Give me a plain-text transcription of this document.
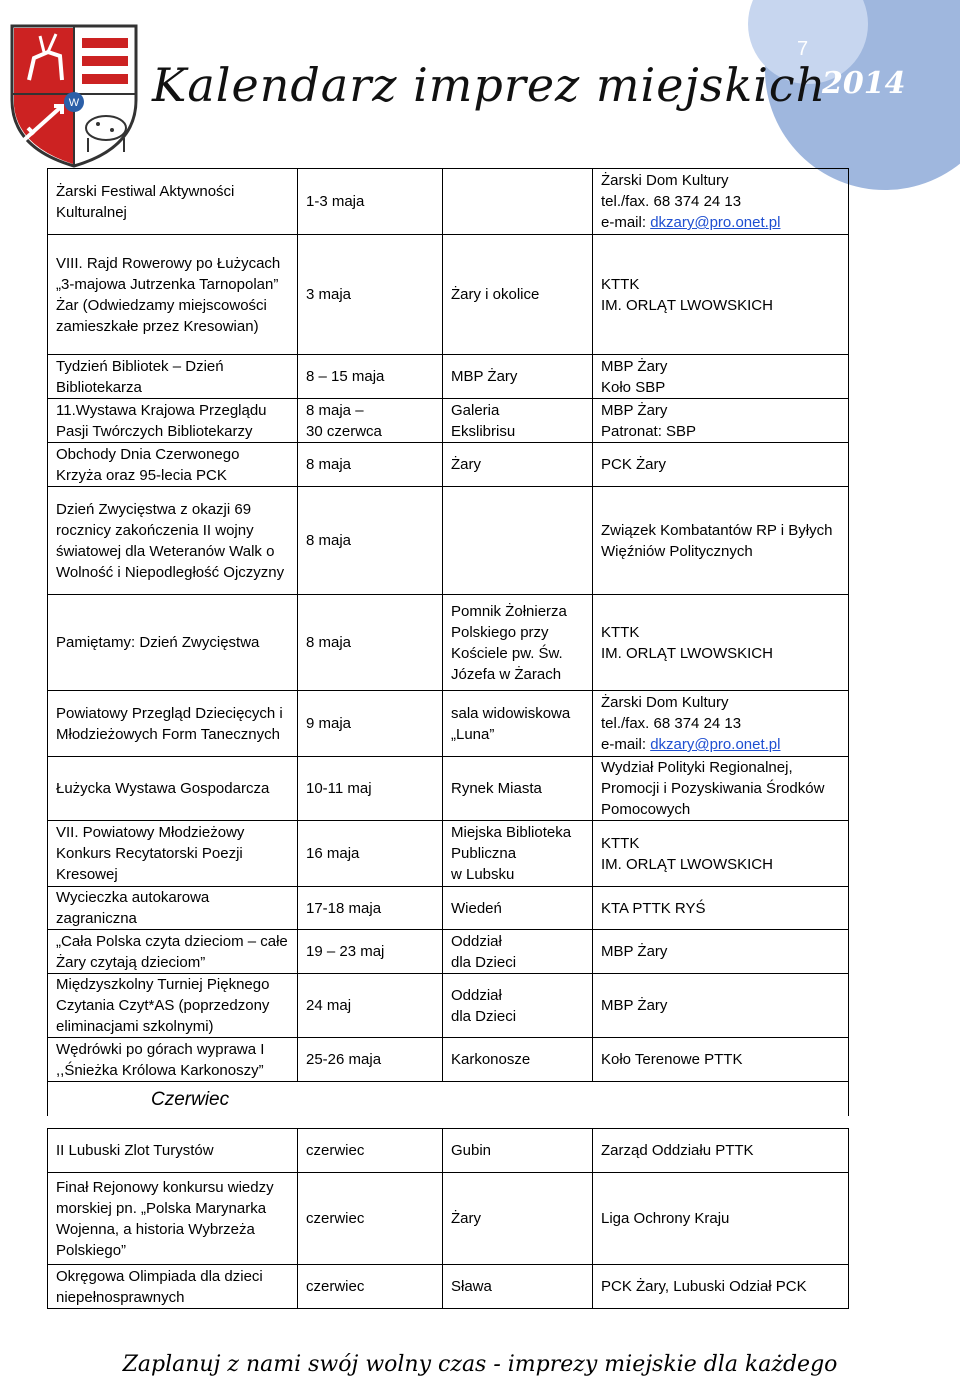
7
2014
W Kalendarz imprez miejskich
Żarski Festiwal Aktywności Kulturalnej	1-3 maja		Żarski Dom Kultury
tel./fax. 68 374 24 13
e-mail: dkzary@pro.onet.pl
VIII. Rajd Rowerowy po Łużycach „3-majowa Jutrzenka Tarnopolan” Żar (Odwiedzamy miejscowości zamieszkałe przez Kresowian)	3 maja	Żary i okolice	KTTK
IM. ORLĄT LWOWSKICH
Tydzień Bibliotek – Dzień Bibliotekarza	8 – 15 maja	MBP Żary	MBP Żary
Koło SBP
11.Wystawa Krajowa Przeglądu Pasji Twórczych Bibliotekarzy	8 maja –
30 czerwca	Galeria
Ekslibrisu	MBP Żary
Patronat: SBP
Obchody Dnia Czerwonego Krzyża oraz 95-lecia PCK	8 maja	Żary	PCK Żary
Dzień Zwycięstwa z okazji 69 rocznicy zakończenia II wojny światowej dla Weteranów Walk o Wolność i Niepodległość Ojczyzny	8 maja		Związek Kombatantów RP i Byłych Więźniów Politycznych
Pamiętamy: Dzień Zwycięstwa	8 maja	Pomnik Żołnierza Polskiego przy Kościele pw. Św. Józefa w Żarach	KTTK
IM. ORLĄT LWOWSKICH
Powiatowy Przegląd Dziecięcych i Młodzieżowych Form Tanecznych	9 maja	sala widowiskowa „Luna”	Żarski Dom Kultury
tel./fax. 68 374 24 13
e-mail: dkzary@pro.onet.pl
Łużycka Wystawa Gospodarcza	10-11 maj	Rynek Miasta	Wydział Polityki Regionalnej, Promocji i Pozyskiwania Środków Pomocowych
VII. Powiatowy Młodzieżowy Konkurs Recytatorski Poezji Kresowej	16 maja	Miejska Biblioteka Publiczna
w Lubsku	KTTK
IM. ORLĄT LWOWSKICH
Wycieczka autokarowa zagraniczna	17-18 maja	Wiedeń	KTA PTTK RYŚ
„Cała Polska czyta dzieciom – całe Żary czytają dzieciom”	19 – 23 maj	Oddział
dla Dzieci	MBP Żary
Międzyszkolny Turniej Pięknego Czytania Czyt*AS (poprzedzony eliminacjami szkolnymi)	24 maj	Oddział
dla Dzieci	MBP Żary
Wędrówki po górach wyprawa I ,,Śnieżka Królowa Karkonoszy”	25-26 maja	Karkonosze	Koło Terenowe PTTK
Czerwiec			
II Lubuski Zlot Turystów	czerwiec	Gubin	Zarząd Oddziału PTTK
Finał Rejonowy konkursu wiedzy morskiej pn. „Polska Marynarka Wojenna, a historia Wybrzeża Polskiego”	czerwiec	Żary	Liga Ochrony Kraju
Okręgowa Olimpiada dla dzieci niepełnosprawnych	czerwiec	Sława	PCK Żary, Lubuski Odział PCK
Zaplanuj z nami swój wolny czas - imprezy miejskie dla każdego
